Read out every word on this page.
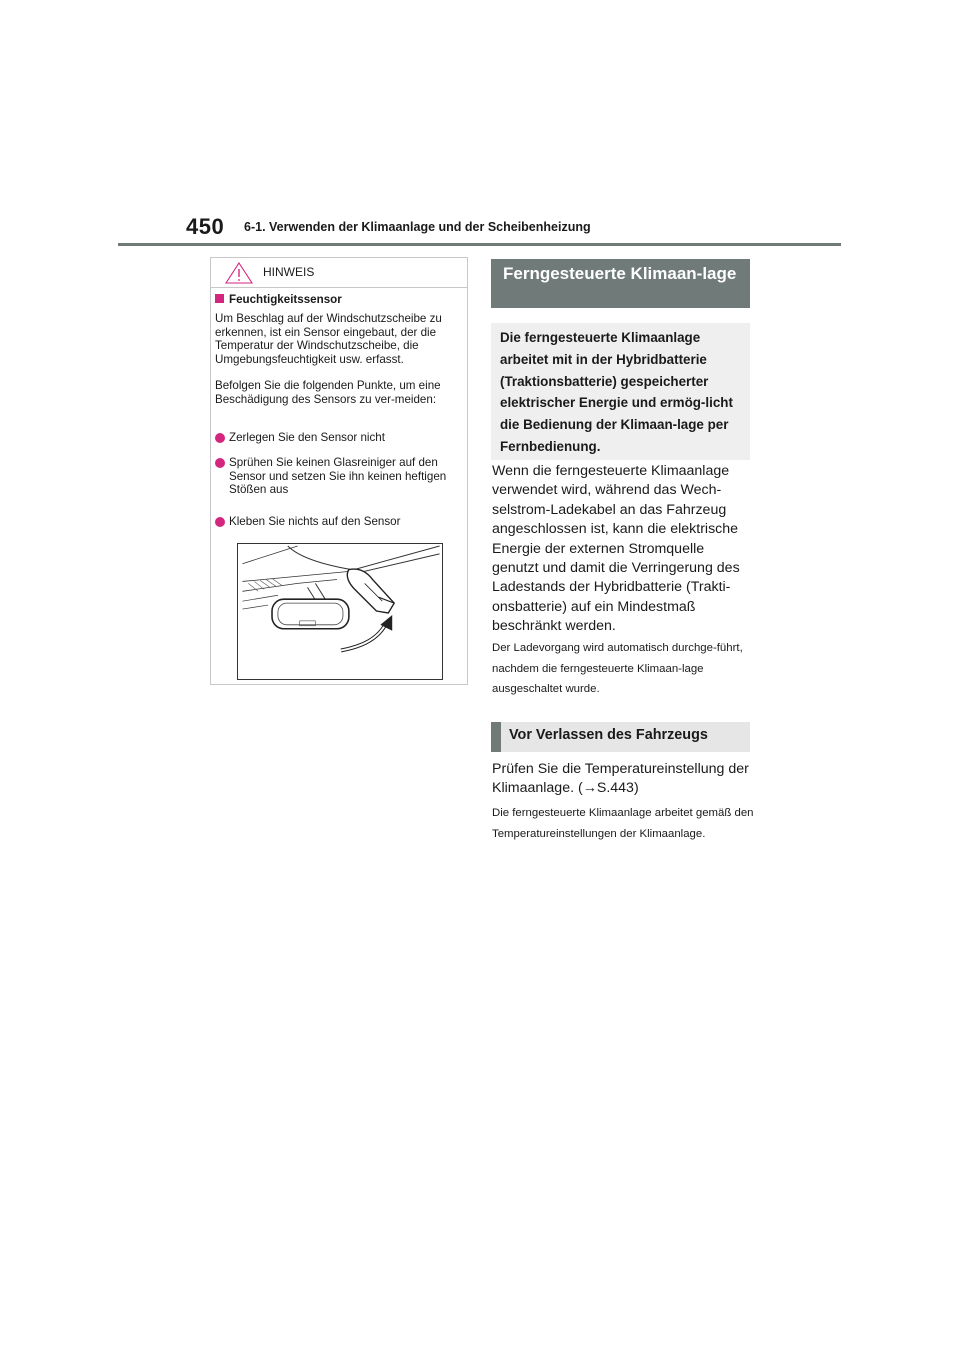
450 6-1. Verwenden der Klimaanlage und der Scheibenheizung
HINWEIS
Feuchtigkeitssensor
Um Beschlag auf der Windschutzscheibe zu erkennen, ist ein Sensor eingebaut, der die Temperatur der Windschutzscheibe, die Umgebungsfeuchtigkeit usw. erfasst.
Befolgen Sie die folgenden Punkte, um eine Beschädigung des Sensors zu ver-meiden:
Zerlegen Sie den Sensor nicht
Sprühen Sie keinen Glasreiniger auf den Sensor und setzen Sie ihn keinen heftigen Stößen aus
Kleben Sie nichts auf den Sensor
Ferngesteuerte Klimaan-lage
Die ferngesteuerte Klimaanlage arbeitet mit in der Hybridbatterie (Traktionsbatterie) gespeicherter elektrischer Energie und ermög-licht die Bedienung der Klimaan-lage per Fernbedienung.
Wenn die ferngesteuerte Klimaanlage verwendet wird, während das Wech-selstrom-Ladekabel an das Fahrzeug angeschlossen ist, kann die elektrische Energie der externen Stromquelle genutzt und damit die Verringerung des Ladestands der Hybridbatterie (Trakti-onsbatterie) auf ein Mindestmaß beschränkt werden.
Der Ladevorgang wird automatisch durchge-führt, nachdem die ferngesteuerte Klimaan-lage ausgeschaltet wurde.
Vor Verlassen des Fahrzeugs
Prüfen Sie die Temperatureinstellung der Klimaanlage. (→S.443)
Die ferngesteuerte Klimaanlage arbeitet gemäß den Temperatureinstellungen der Klimaanlage.
